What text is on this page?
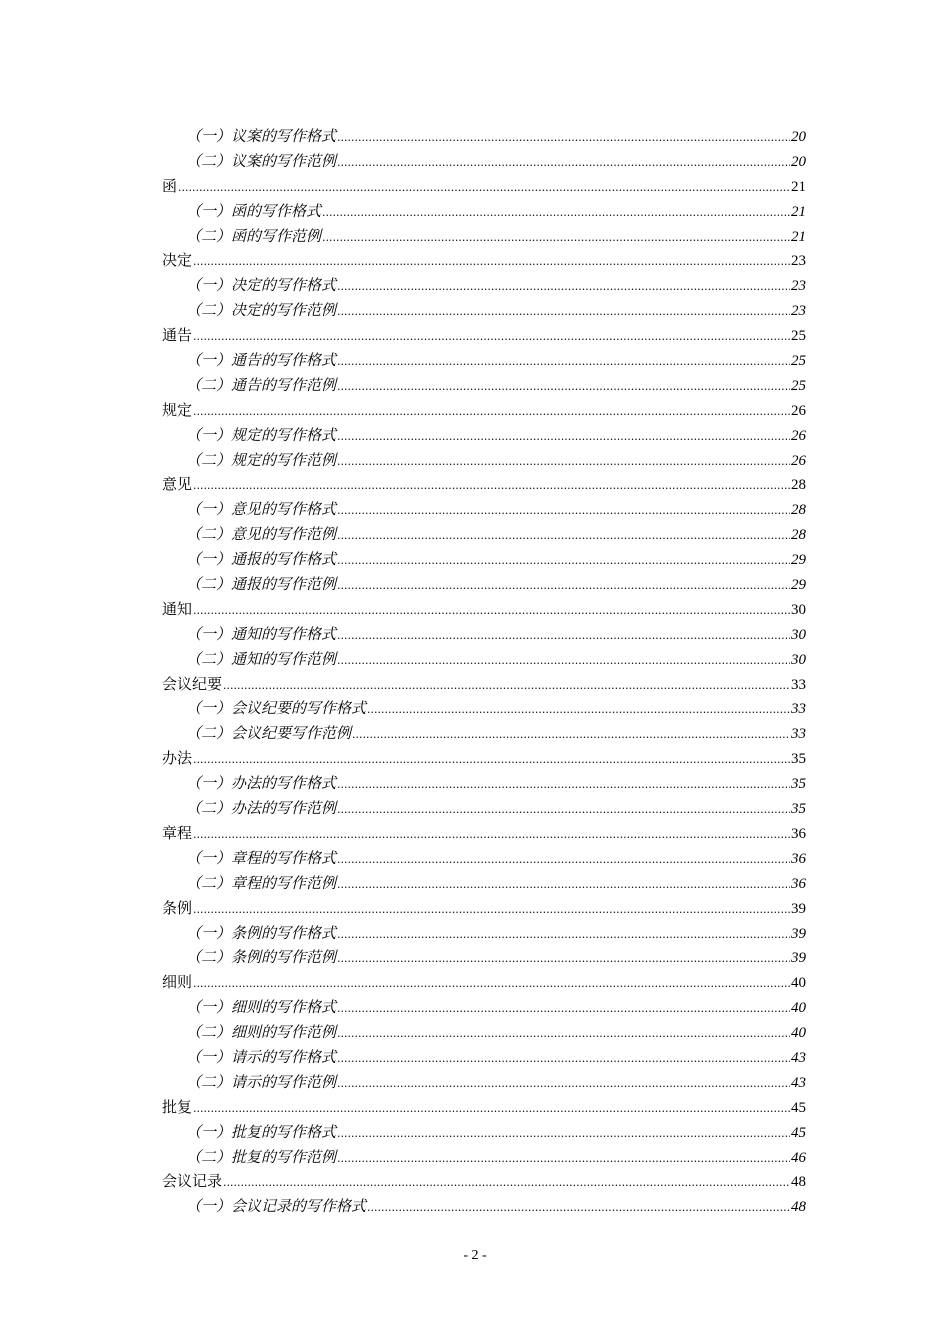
（一）议案的写作格式 .....	20
（二）议案的写作范例 .....	20
函 .....	21
（一）函的写作格式 .....	21
（二）函的写作范例 .....	21
决定 .....	23
（一）决定的写作格式 .....	23
（二）决定的写作范例 .....	23
通告 .....	25
（一）通告的写作格式 .....	25
（二）通告的写作范例 .....	25
规定 .....	26
（一）规定的写作格式 .....	26
（二）规定的写作范例 .....	26
意见 .....	28
（一）意见的写作格式 .....	28
（二）意见的写作范例 .....	28
（一）通报的写作格式 .....	29
（二）通报的写作范例 .....	29
通知 .....	30
（一）通知的写作格式 .....	30
（二）通知的写作范例 .....	30
会议纪要 .....	33
（一）会议纪要的写作格式 .....	33
（二）会议纪要写作范例 .....	33
办法 .....	35
（一）办法的写作格式 .....	35
（二）办法的写作范例 .....	35
章程 .....	36
（一）章程的写作格式 .....	36
（二）章程的写作范例 .....	36
条例 .....	39
（一）条例的写作格式 .....	39
（二）条例的写作范例 .....	39
细则 .....	40
（一）细则的写作格式 .....	40
（二）细则的写作范例 .....	40
（一）请示的写作格式 .....	43
（二）请示的写作范例 .....	43
批复 .....	45
（一）批复的写作格式 .....	45
（二）批复的写作范例 .....	46
会议记录 .....	48
（一）会议记录的写作格式 .....	48
- 2 -
